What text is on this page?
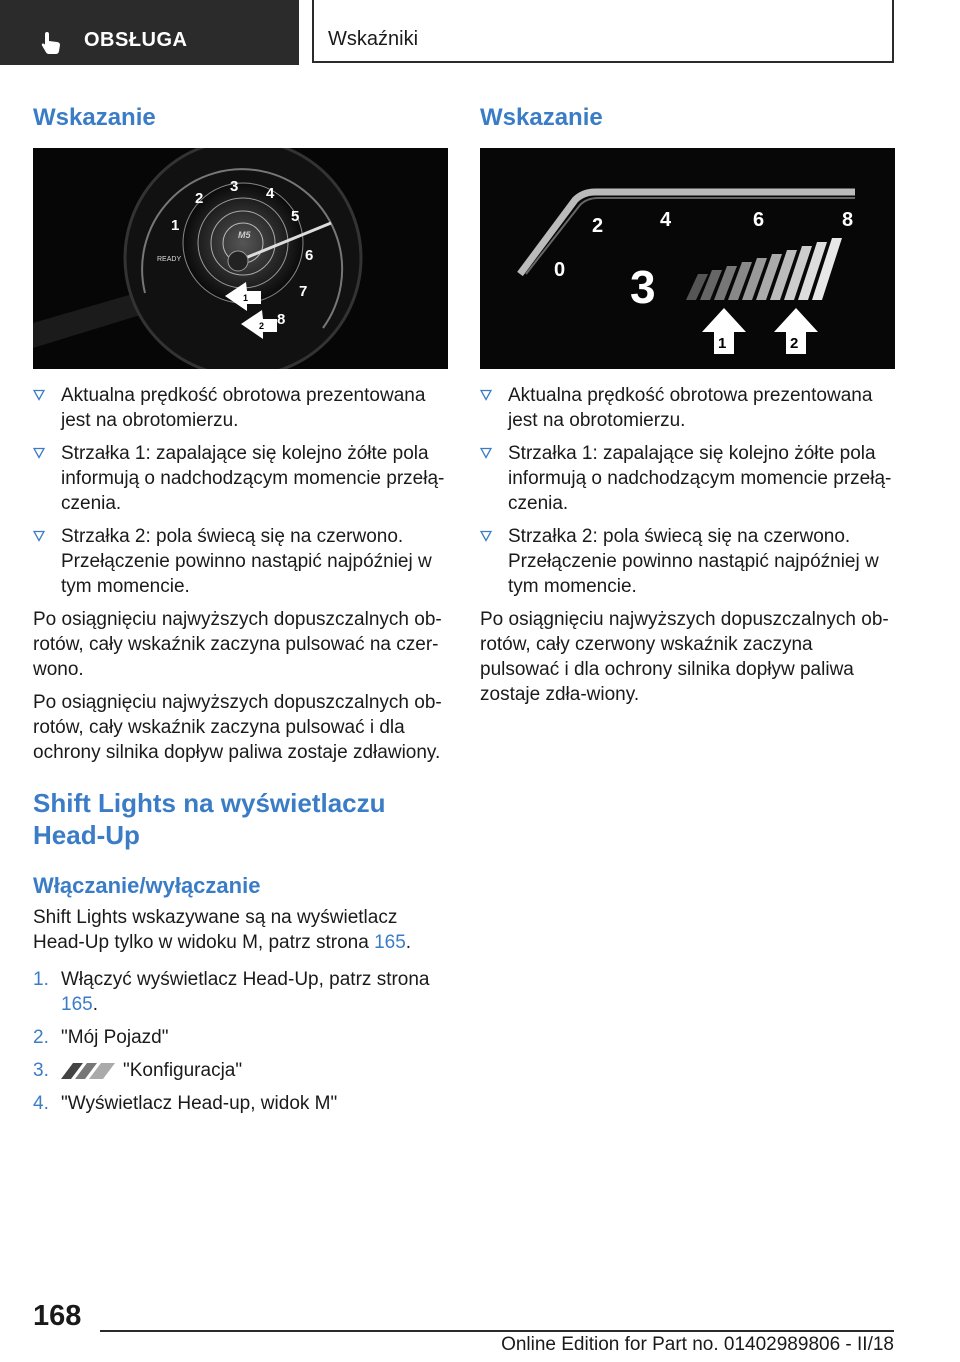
OBSŁUGA	Wskaźniki
Wskazanie
1
2
3 4
5
6
7
8
READY
M5
1
2
Aktualna prędkość obrotowa prezentowana jest na obrotomierzu.
Strzałka 1: zapalające się kolejno żółte pola informują o nadchodzącym momencie przełą‐czenia.
Strzałka 2: pola świecą się na czerwono. Przełączenie powinno nastąpić najpóźniej w tym momencie.

Po osiągnięciu najwyższych dopuszczalnych ob‐rotów, cały wskaźnik zaczyna pulsować na czer‐wono.

Po osiągnięciu najwyższych dopuszczalnych ob‐rotów, cały wskaźnik zaczyna pulsować i dla ochrony silnika dopływ paliwa zostaje zdławiony.

Shift Lights na wyświetlaczu Head-Up
Włączanie/wyłączanie

Shift Lights wskazywane są na wyświetlacz Head-Up tylko w widoku M, patrz strona 165.

1. Włączyć wyświetlacz Head-Up, patrz strona 165.
2. "Mój Pojazd"
3.	"Konfiguracja"
4. "Wyświetlacz Head-up, widok M"
Wskazanie
0
2	4	6	8
3
1	2
Aktualna prędkość obrotowa prezentowana jest na obrotomierzu.
Strzałka 1: zapalające się kolejno żółte pola informują o nadchodzącym momencie przełą‐czenia.
Strzałka 2: pola świecą się na czerwono. Przełączenie powinno nastąpić najpóźniej w tym momencie.

Po osiągnięciu najwyższych dopuszczalnych ob‐rotów, cały czerwony wskaźnik zaczyna pulsować i dla ochrony silnika dopływ paliwa zostaje zdła‐wiony.

168
Online Edition for Part no. 01402989806 - II/18
